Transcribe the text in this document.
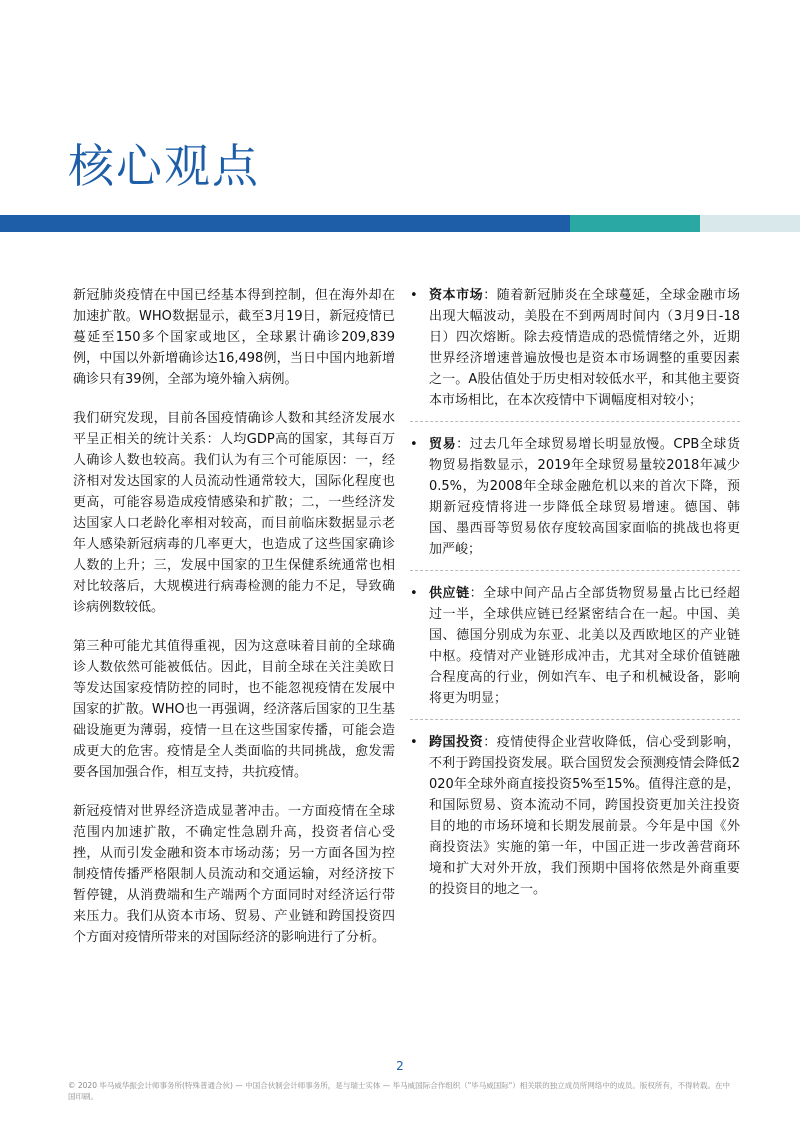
核心观点

新冠肺炎疫情在中国已经基本得到控制，但在海外却在加速扩散。WHO数据显示，截至3月19日，新冠疫情已蔓延至150多个国家或地区，全球累计确诊209,839例，中国以外新增确诊达16,498例，当日中国内地新增确诊只有39例，全部为境外输入病例。

我们研究发现，目前各国疫情确诊人数和其经济发展水平呈正相关的统计关系：人均GDP高的国家，其每百万人确诊人数也较高。我们认为有三个可能原因：一，经济相对发达国家的人员流动性通常较大，国际化程度也更高，可能容易造成疫情感染和扩散；二，一些经济发达国家人口老龄化率相对较高，而目前临床数据显示老年人感染新冠病毒的几率更大，也造成了这些国家确诊人数的上升；三，发展中国家的卫生保健系统通常也相对比较落后，大规模进行病毒检测的能力不足，导致确诊病例数较低。

第三种可能尤其值得重视，因为这意味着目前的全球确诊人数依然可能被低估。因此，目前全球在关注美欧日等发达国家疫情防控的同时，也不能忽视疫情在发展中国家的扩散。WHO也一再强调，经济落后国家的卫生基础设施更为薄弱，疫情一旦在这些国家传播，可能会造成更大的危害。疫情是全人类面临的共同挑战，愈发需要各国加强合作，相互支持，共抗疫情。

新冠疫情对世界经济造成显著冲击。一方面疫情在全球范围内加速扩散，不确定性急剧升高，投资者信心受挫，从而引发金融和资本市场动荡；另一方面各国为控制疫情传播严格限制人员流动和交通运输，对经济按下暂停键，从消费端和生产端两个方面同时对经济运行带来压力。我们从资本市场、贸易、产业链和跨国投资四个方面对疫情所带来的对国际经济的影响进行了分析。

• 资本市场：随着新冠肺炎在全球蔓延，全球金融市场出现大幅波动，美股在不到两周时间内（3月9日-18日）四次熔断。除去疫情造成的恐慌情绪之外，近期世界经济增速普遍放慢也是资本市场调整的重要因素之一。A股估值处于历史相对较低水平，和其他主要资本市场相比，在本次疫情中下调幅度相对较小；

• 贸易：过去几年全球贸易增长明显放慢。CPB全球货物贸易指数显示，2019年全球贸易量较2018年减少0.5%，为2008年全球金融危机以来的首次下降，预期新冠疫情将进一步降低全球贸易增速。德国、韩国、墨西哥等贸易依存度较高国家面临的挑战也将更加严峻；

• 供应链：全球中间产品占全部货物贸易量占比已经超过一半，全球供应链已经紧密结合在一起。中国、美国、德国分别成为东亚、北美以及西欧地区的产业链中枢。疫情对产业链形成冲击，尤其对全球价值链融合程度高的行业，例如汽车、电子和机械设备，影响将更为明显；

• 跨国投资：疫情使得企业营收降低，信心受到影响，不利于跨国投资发展。联合国贸发会预测疫情会降低2020年全球外商直接投资5%至15%。值得注意的是，和国际贸易、资本流动不同，跨国投资更加关注投资目的地的市场环境和长期发展前景。今年是中国《外商投资法》实施的第一年，中国正进一步改善营商环境和扩大对外开放，我们预期中国将依然是外商重要的投资目的地之一。

2

© 2020 毕马威华振会计师事务所(特殊普通合伙) — 中国合伙制会计师事务所，是与瑞士实体 — 毕马威国际合作组织（"毕马威国际"）相关联的独立成员所网络中的成员。版权所有，不得转载。在中国印刷。
